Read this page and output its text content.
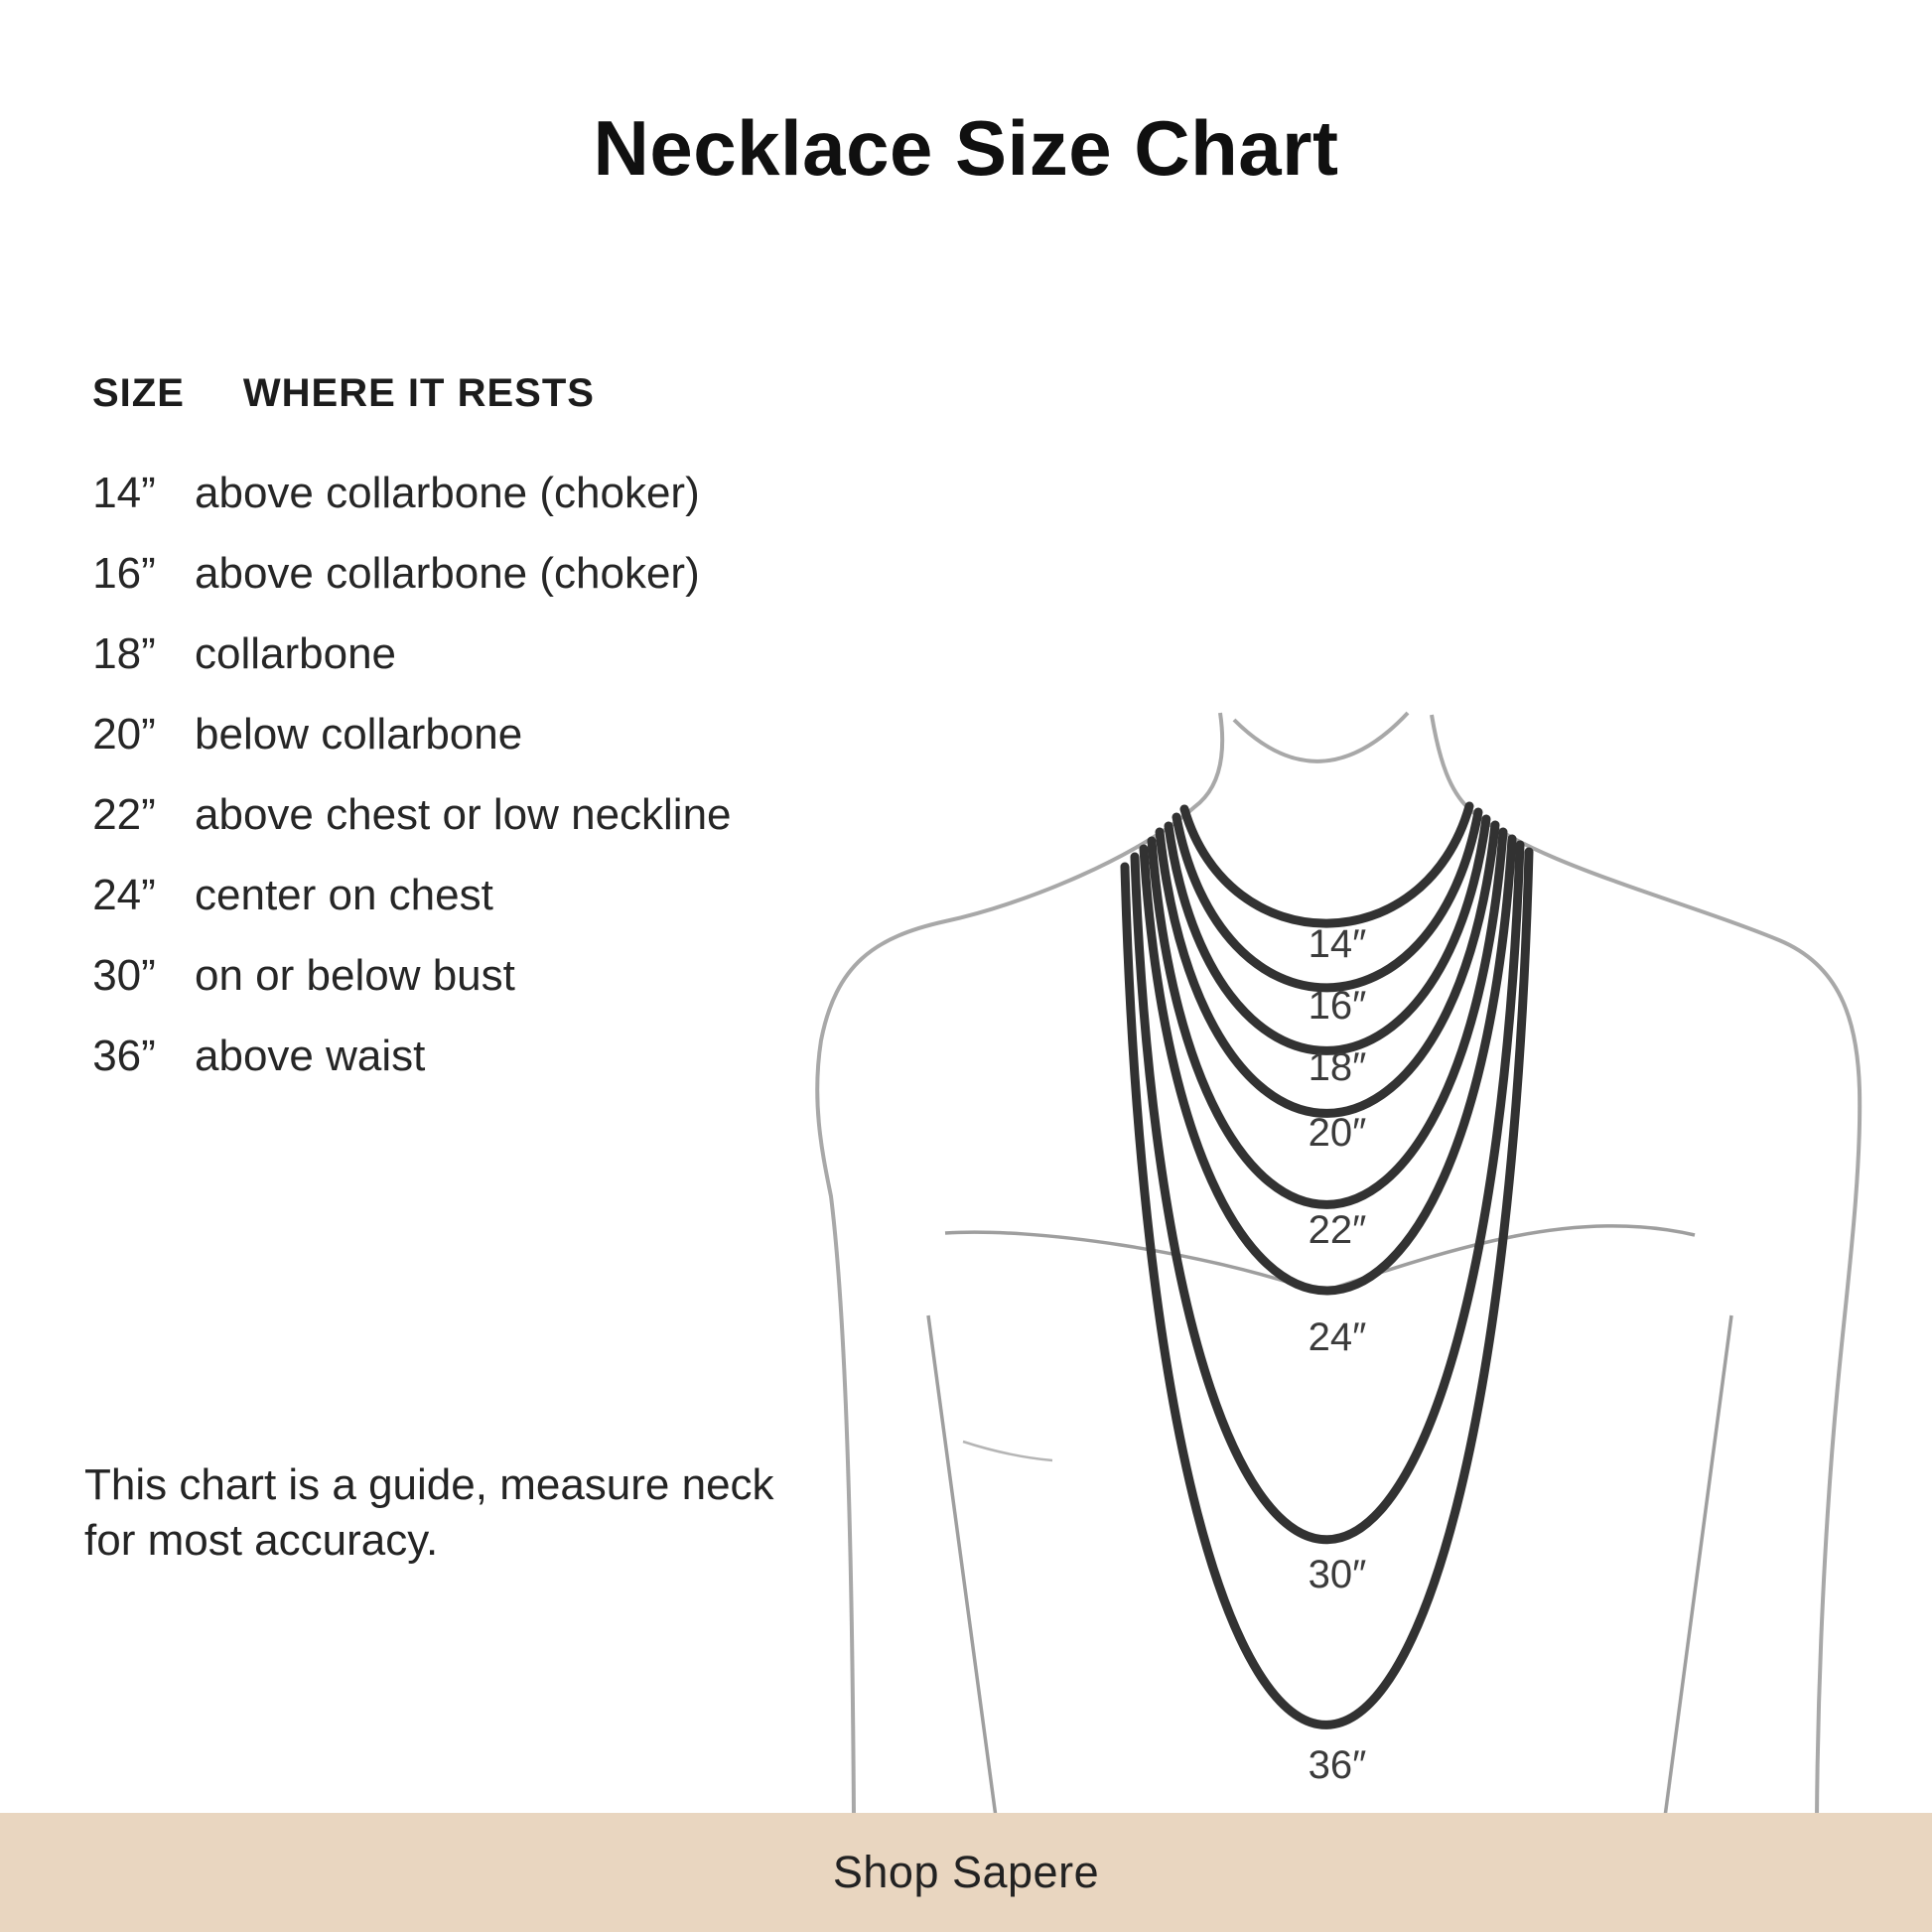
Necklace Size Chart
SIZE WHERE IT RESTS
14” above collarbone (choker)
16” above collarbone (choker)
18” collarbone
20” below collarbone
22” above chest or low neckline
24” center on chest
30” on or below bust
36” above waist
This chart is a guide, measure neck
for most accuracy.
14″
16″
18″
20″
22″
24″
30″
36″
Shop Sapere
